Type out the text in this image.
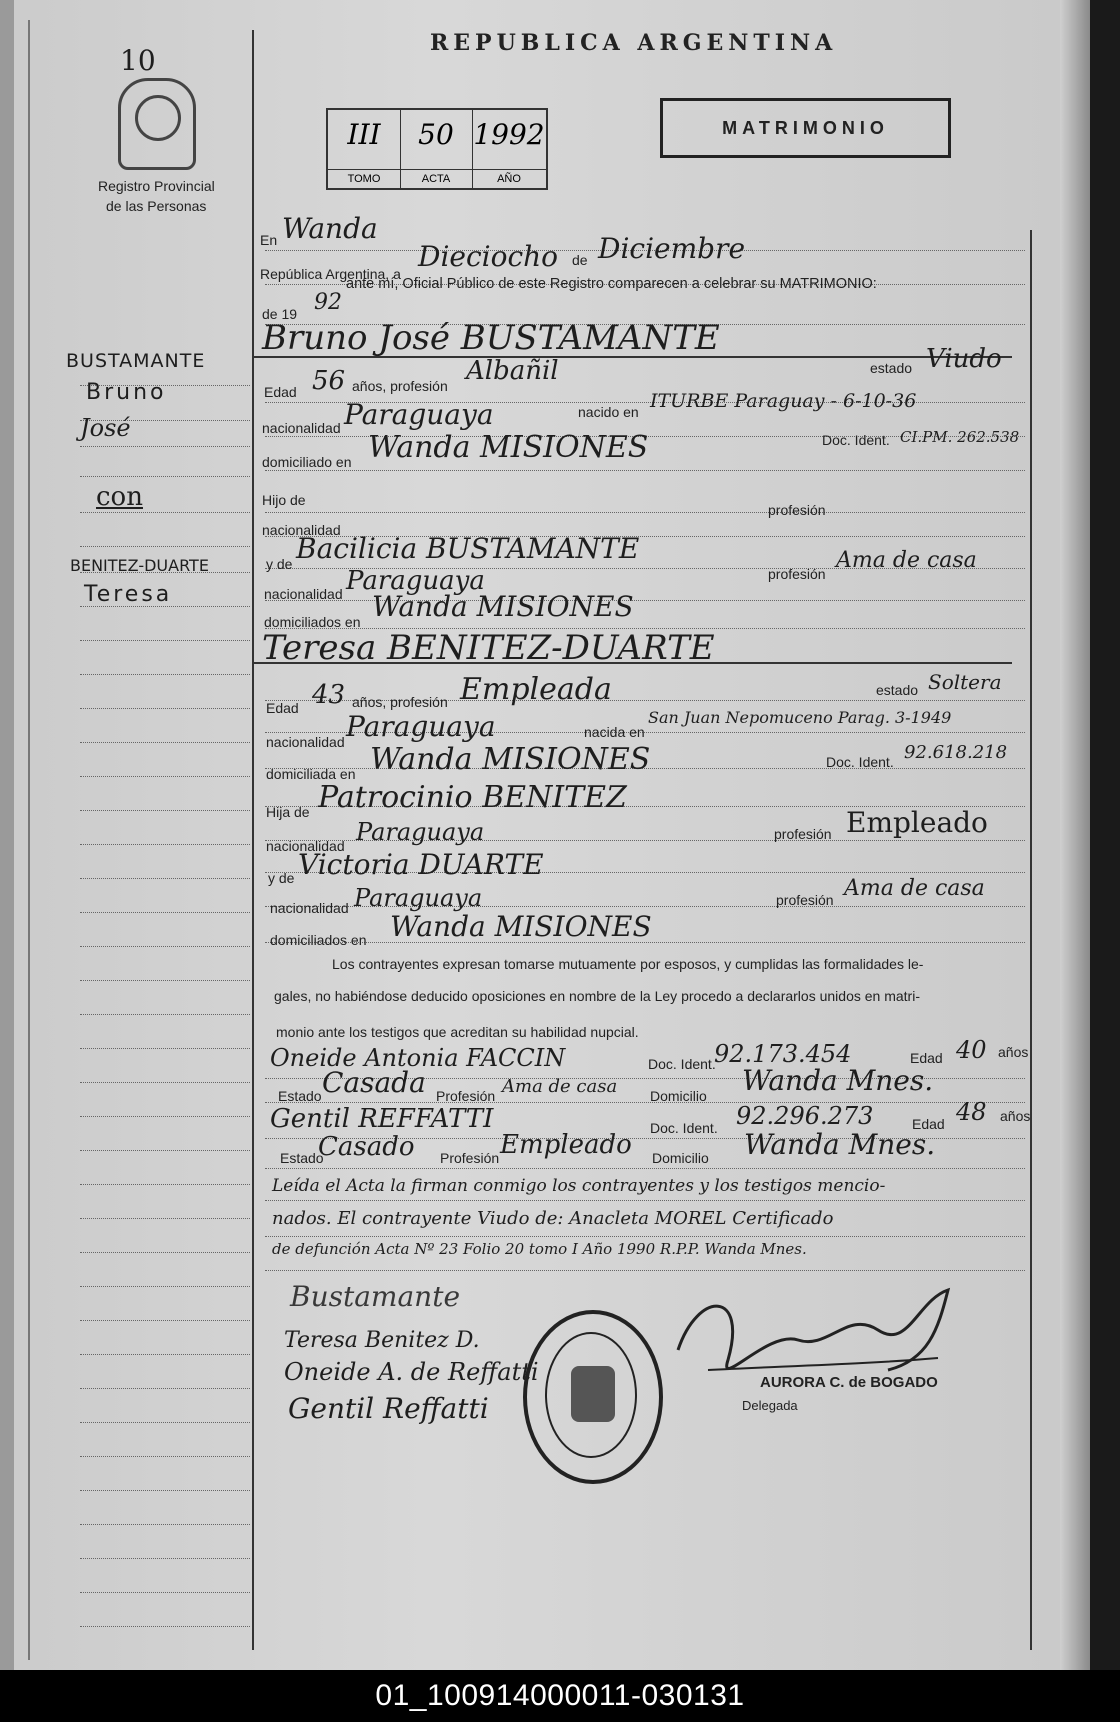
10
Registro Provincial
de las Personas
REPUBLICA ARGENTINA
MATRIMONIO
III
TOMO
50
ACTA
1992
AÑO
BUSTAMANTE
Bruno
José
con
BENITEZ-DUARTE
Teresa
En Wanda
República Argentina, a
Dieciocho de Diciembre
de 19 92
ante mí, Oficial Público de este Registro comparecen a celebrar su MATRIMONIO:
Bruno José BUSTAMANTE
Edad 56 años, profesión Albañil	estado Viudo
nacionalidad Paraguaya	nacido en ITURBE Paraguay - 6-10-36
domiciliado en Wanda MISIONES	Doc. Ident. CI.PM. 262.538
Hijo de
nacionalidad
profesión
y de Bacilicia BUSTAMANTE
nacionalidad Paraguaya	profesión
Ama de casa
domiciliados en Wanda MISIONES
Teresa BENITEZ-DUARTE
Edad 43 años, profesión Empleada	estado Soltera
nacionalidad Paraguaya	nacida en
San Juan Nepomuceno Parag. 3-1949
domiciliada en Wanda MISIONES	Doc. Ident. 92.618.218
Hija de Patrocinio BENITEZ
nacionalidad Paraguaya	profesión Empleado
y de Victoria DUARTE
nacionalidad Paraguaya	profesión Ama de casa
domiciliados en Wanda MISIONES
Los contrayentes expresan tomarse mutuamente por esposos, y cumplidas las formalidades le-
gales, no habiéndose deducido oposiciones en nombre de la Ley procedo a declararlos unidos en matri-
monio ante los testigos que acreditan su habilidad nupcial.
Oneide Antonia FACCIN	Doc. Ident.
92.173.454	Edad 40 años
Estado Casada Profesión Ama de casa Domicilio Wanda Mnes.
Gentil REFFATTI	Doc. Ident. 92.296.273	Edad 48 años
Estado
Casado Profesión Empleado Domicilio Wanda Mnes.
Leída el Acta la firman conmigo los contrayentes y los testigos mencio-
nados. El contrayente Viudo de: Anacleta MOREL Certificado
de defunción Acta Nº 23 Folio 20 tomo I Año 1990 R.P.P. Wanda Mnes.
Bustamante
Teresa Benitez D.
Oneide A. de Reffatti
Gentil Reffatti
AURORA C. de BOGADO
Delegada
01_100914000011-030131
